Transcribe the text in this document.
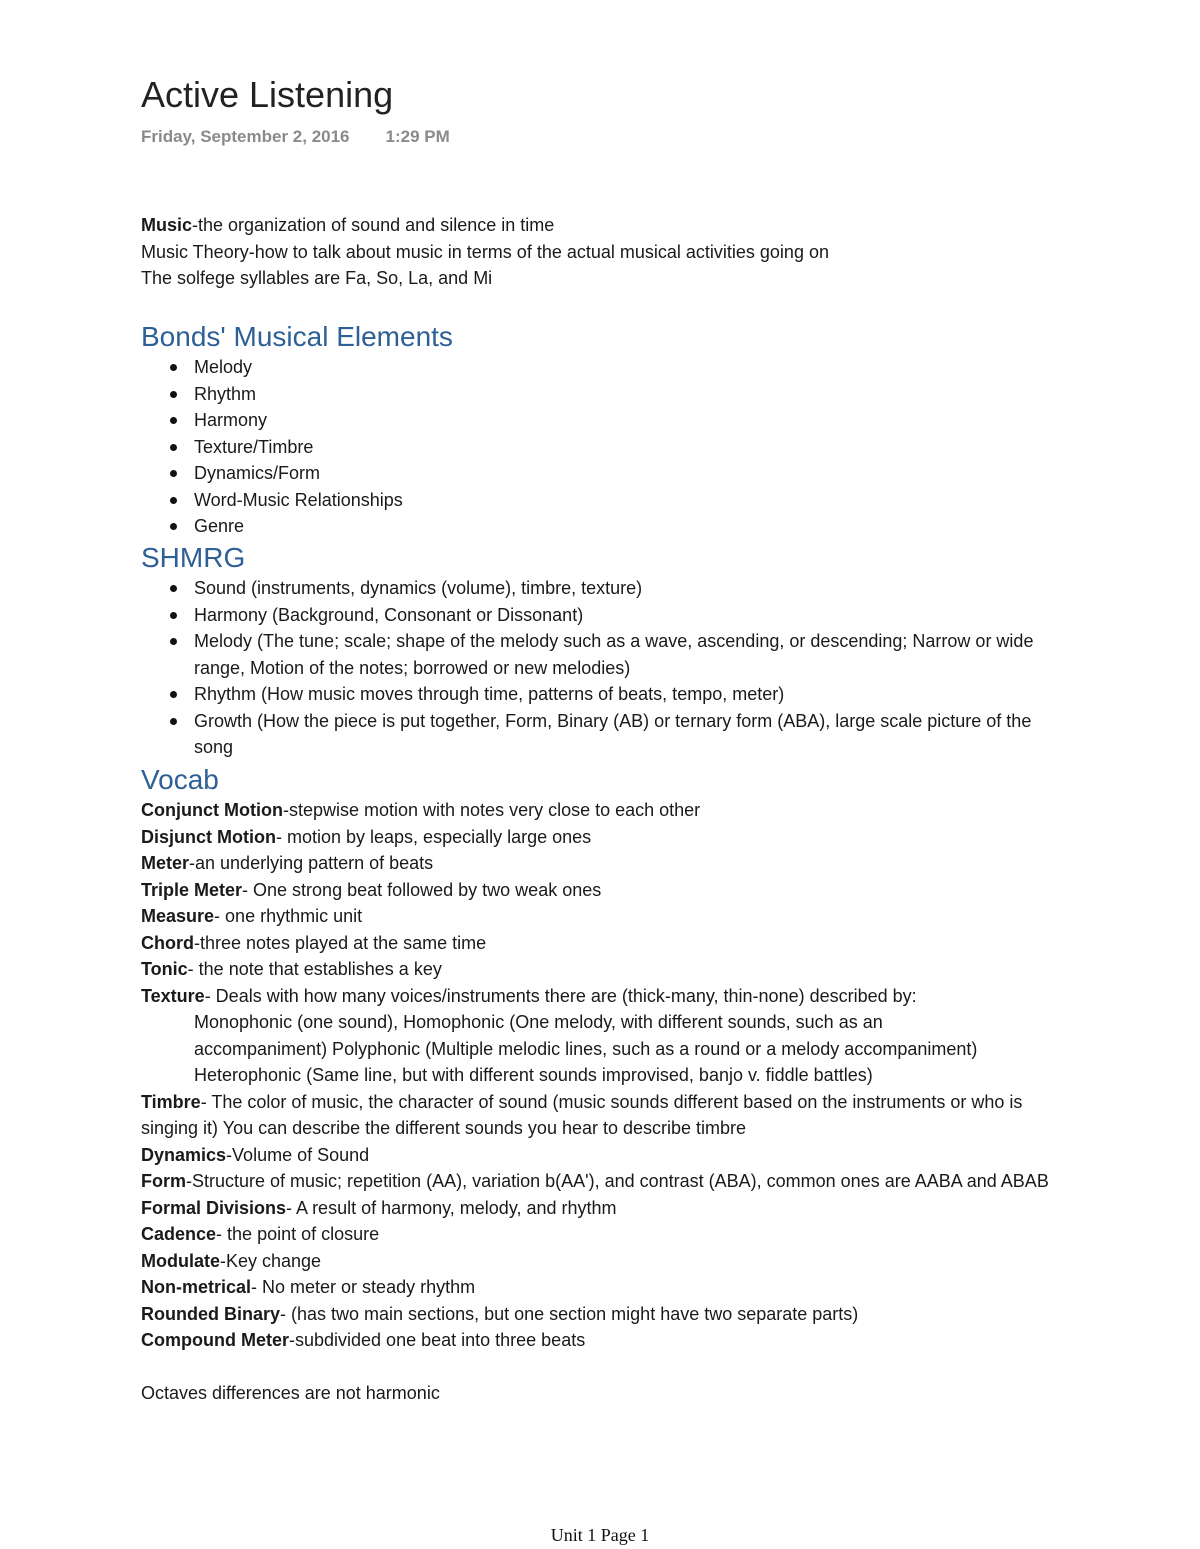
Active Listening
Friday, September 2, 2016 1:29 PM
Music-the organization of sound and silence in time
Music Theory-how to talk about music in terms of the actual musical activities going on
The solfege syllables are Fa, So, La, and Mi
Bonds' Musical Elements
Melody
Rhythm
Harmony
Texture/Timbre
Dynamics/Form
Word-Music Relationships
Genre
SHMRG
Sound (instruments, dynamics (volume), timbre, texture)
Harmony (Background, Consonant or Dissonant)
Melody (The tune; scale; shape of the melody such as a wave, ascending, or descending; Narrow or wide range, Motion of the notes; borrowed or new melodies)
Rhythm (How music moves through time, patterns of beats, tempo, meter)
Growth (How the piece is put together, Form, Binary (AB) or ternary form (ABA), large scale picture of the song
Vocab
Conjunct Motion-stepwise motion with notes very close to each other
Disjunct Motion- motion by leaps, especially large ones
Meter-an underlying pattern of beats
Triple Meter- One strong beat followed by two weak ones
Measure- one rhythmic unit
Chord-three notes played at the same time
Tonic- the note that establishes a key
Texture- Deals with how many voices/instruments there are (thick-many, thin-none) described by:
Monophonic (one sound), Homophonic (One melody, with different sounds, such as an
accompaniment) Polyphonic (Multiple melodic lines, such as a round or a melody accompaniment)
Heterophonic (Same line, but with different sounds improvised, banjo v. fiddle battles)
Timbre- The color of music, the character of sound (music sounds different based on the instruments or who is singing it) You can describe the different sounds you hear to describe timbre
Dynamics-Volume of Sound
Form-Structure of music; repetition (AA), variation b(AA'), and contrast (ABA), common ones are AABA and ABAB
Formal Divisions- A result of harmony, melody, and rhythm
Cadence- the point of closure
Modulate-Key change
Non-metrical- No meter or steady rhythm
Rounded Binary- (has two main sections, but one section might have two separate parts)
Compound Meter-subdivided one beat into three beats
Octaves differences are not harmonic
Unit 1 Page 1
